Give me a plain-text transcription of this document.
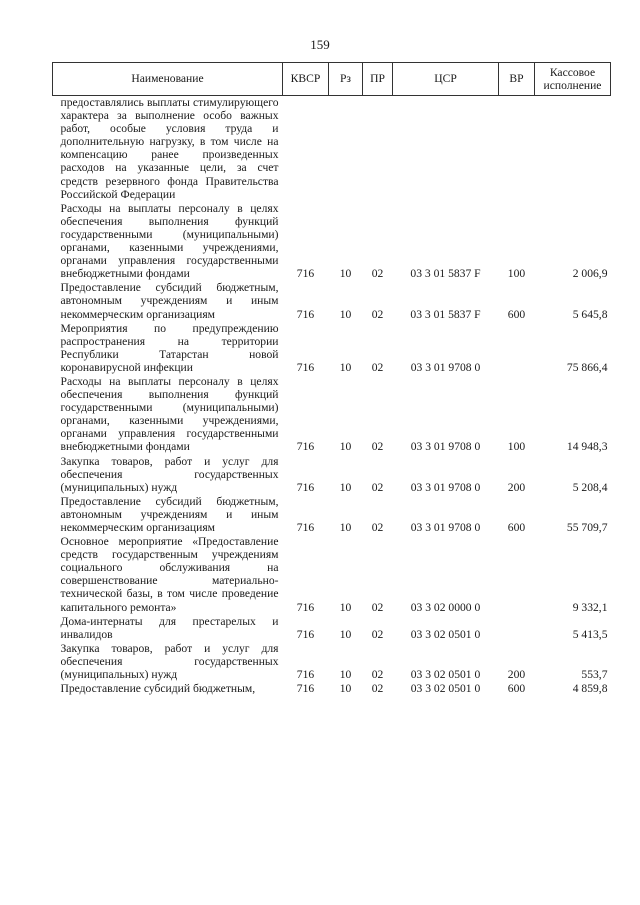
159
Наименование	КВСР	Рз	ПР	ЦСР	ВР	Кассовое исполнение
предоставлялись выплаты стимулирующего характера за выполнение особо важных работ, особые условия труда и дополнительную нагрузку, в том числе на компенсацию ранее произведенных расходов на указанные цели, за счет средств резервного фонда Правительства Российской Федерации						
Расходы на выплаты персоналу в целях обеспечения выполнения функций государственными (муниципальными) органами, казенными учреждениями, органами управления государственными внебюджетными фондами	716	10	02	03 3 01 5837 F	100	2 006,9
Предоставление субсидий бюджетным, автономным учреждениям и иным некоммерческим организациям	716	10	02	03 3 01 5837 F	600	5 645,8
Мероприятия по предупреждению распространения на территории Республики Татарстан новой коронавирусной инфекции	716	10	02	03 3 01 9708 0		75 866,4
Расходы на выплаты персоналу в целях обеспечения выполнения функций государственными (муниципальными) органами, казенными учреждениями, органами управления государственными внебюджетными фондами	716	10	02	03 3 01 9708 0	100	14 948,3
Закупка товаров, работ и услуг для обеспечения государственных (муниципальных) нужд	716	10	02	03 3 01 9708 0	200	5 208,4
Предоставление субсидий бюджетным, автономным учреждениям и иным некоммерческим организациям	716	10	02	03 3 01 9708 0	600	55 709,7
Основное мероприятие «Предоставление средств государственным учреждениям социального обслуживания на совершенствование материально-технической базы, в том числе проведение капитального ремонта»	716	10	02	03 3 02 0000 0		9 332,1
Дома-интернаты для престарелых и инвалидов	716	10	02	03 3 02 0501 0		5 413,5
Закупка товаров, работ и услуг для обеспечения государственных (муниципальных) нужд	716	10	02	03 3 02 0501 0	200	553,7
Предоставление субсидий бюджетным,	716	10	02	03 3 02 0501 0	600	4 859,8
